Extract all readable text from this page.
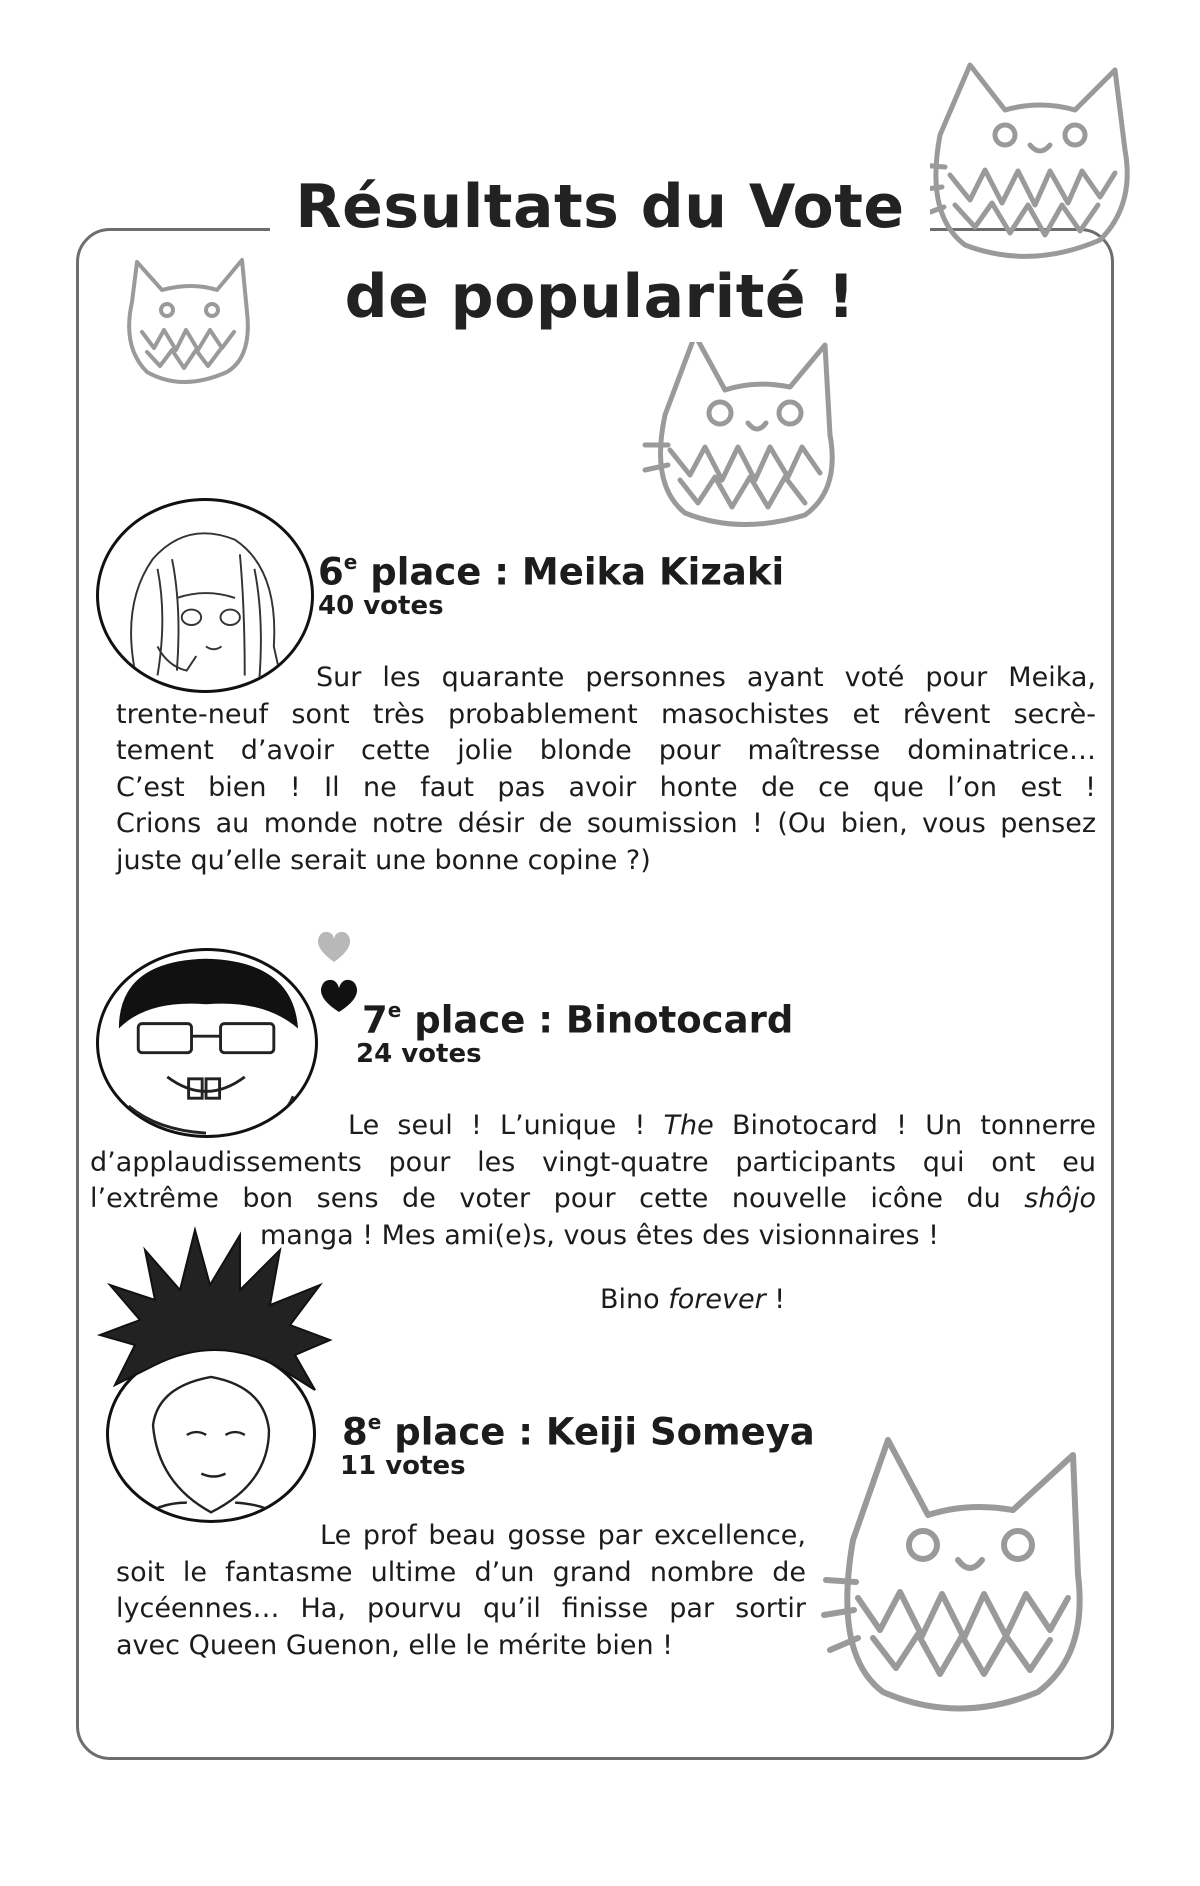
Résultats du Vote
de popularité !
6e place : Meika Kizaki
40 votes
Sur les quarante personnes ayant voté pour Meika,
trente-neuf sont très probablement masochistes et rêvent secrè-
tement d’avoir cette jolie blonde pour maîtresse dominatrice…
C’est bien ! Il ne faut pas avoir honte de ce que l’on est !
Crions au monde notre désir de soumission ! (Ou bien, vous pensez
juste qu’elle serait une bonne copine ?)
7e place : Binotocard
24 votes
Le seul ! L’unique ! The Binotocard ! Un tonnerre
d’applaudissements pour les vingt-quatre participants qui ont eu
l’extrême bon sens de voter pour cette nouvelle icône du shôjo
manga ! Mes ami(e)s, vous êtes des visionnaires !
Bino forever !
8e place : Keiji Someya
11 votes
Le prof beau gosse par excellence,
soit le fantasme ultime d’un grand nombre de
lycéennes… Ha, pourvu qu’il finisse par sortir
avec Queen Guenon, elle le mérite bien !
